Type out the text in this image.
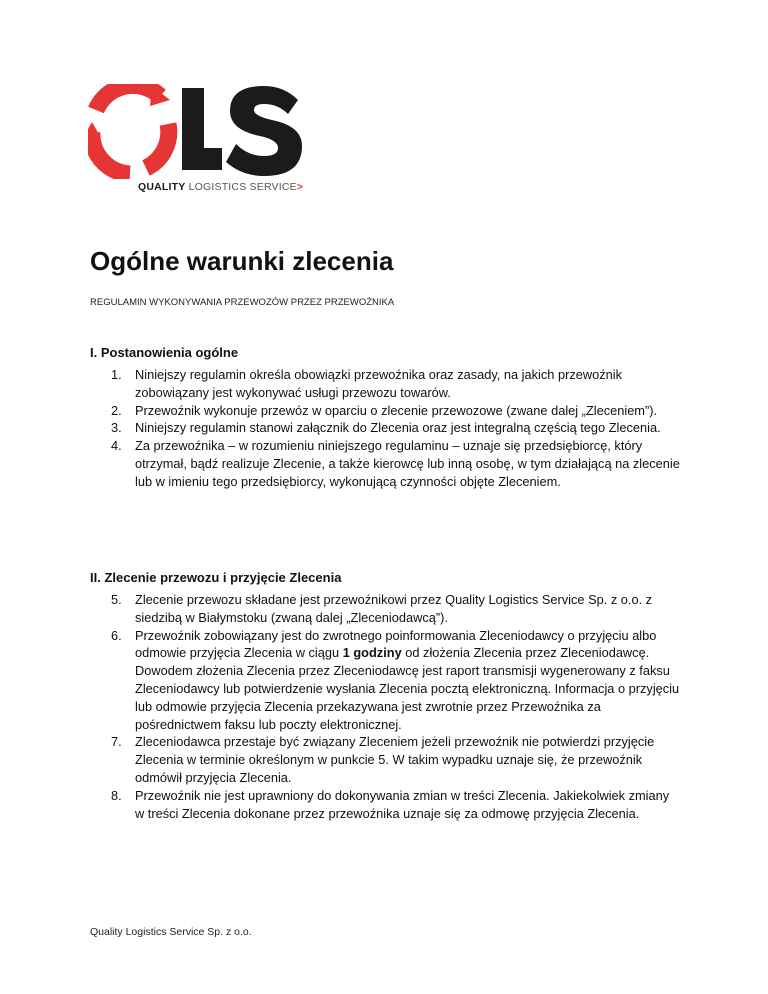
QUALITY LOGISTICS SERVICE>
Ogólne warunki zlecenia
REGULAMIN WYKONYWANIA PRZEWOZÓW PRZEZ PRZEWOŹNIKA
I. Postanowienia ogólne
1. Niniejszy regulamin określa obowiązki przewoźnika oraz zasady, na jakich przewoźnik zobowiązany jest wykonywać usługi przewozu towarów.
2. Przewoźnik wykonuje przewóz w oparciu o zlecenie przewozowe (zwane dalej „Zleceniem”).
3. Niniejszy regulamin stanowi załącznik do Zlecenia oraz jest integralną częścią tego Zlecenia.
4. Za przewoźnika – w rozumieniu niniejszego regulaminu – uznaje się przedsiębiorcę, który otrzymał, bądź realizuje Zlecenie, a także kierowcę lub inną osobę, w tym działającą na zlecenie lub w imieniu tego przedsiębiorcy, wykonującą czynności objęte Zleceniem.
II. Zlecenie przewozu i przyjęcie Zlecenia
5. Zlecenie przewozu składane jest przewoźnikowi przez Quality Logistics Service Sp. z o.o. z siedzibą w Białymstoku (zwaną dalej „Zleceniodawcą”).
6. Przewoźnik zobowiązany jest do zwrotnego poinformowania Zleceniodawcy o przyjęciu albo odmowie przyjęcia Zlecenia w ciągu 1 godziny od złożenia Zlecenia przez Zleceniodawcę. Dowodem złożenia Zlecenia przez Zleceniodawcę jest raport transmisji wygenerowany z faksu Zleceniodawcy lub potwierdzenie wysłania Zlecenia pocztą elektroniczną. Informacja o przyjęciu lub odmowie przyjęcia Zlecenia przekazywana jest zwrotnie przez Przewoźnika za pośrednictwem faksu lub poczty elektronicznej.
7. Zleceniodawca przestaje być związany Zleceniem jeżeli przewoźnik nie potwierdzi przyjęcie Zlecenia w terminie określonym w punkcie 5. W takim wypadku uznaje się, że przewoźnik odmówił przyjęcia Zlecenia.
8. Przewoźnik nie jest uprawniony do dokonywania zmian w treści Zlecenia. Jakiekolwiek zmiany w treści Zlecenia dokonane przez przewoźnika uznaje się za odmowę przyjęcia Zlecenia.
Quality Logistics Service Sp. z o.o.
